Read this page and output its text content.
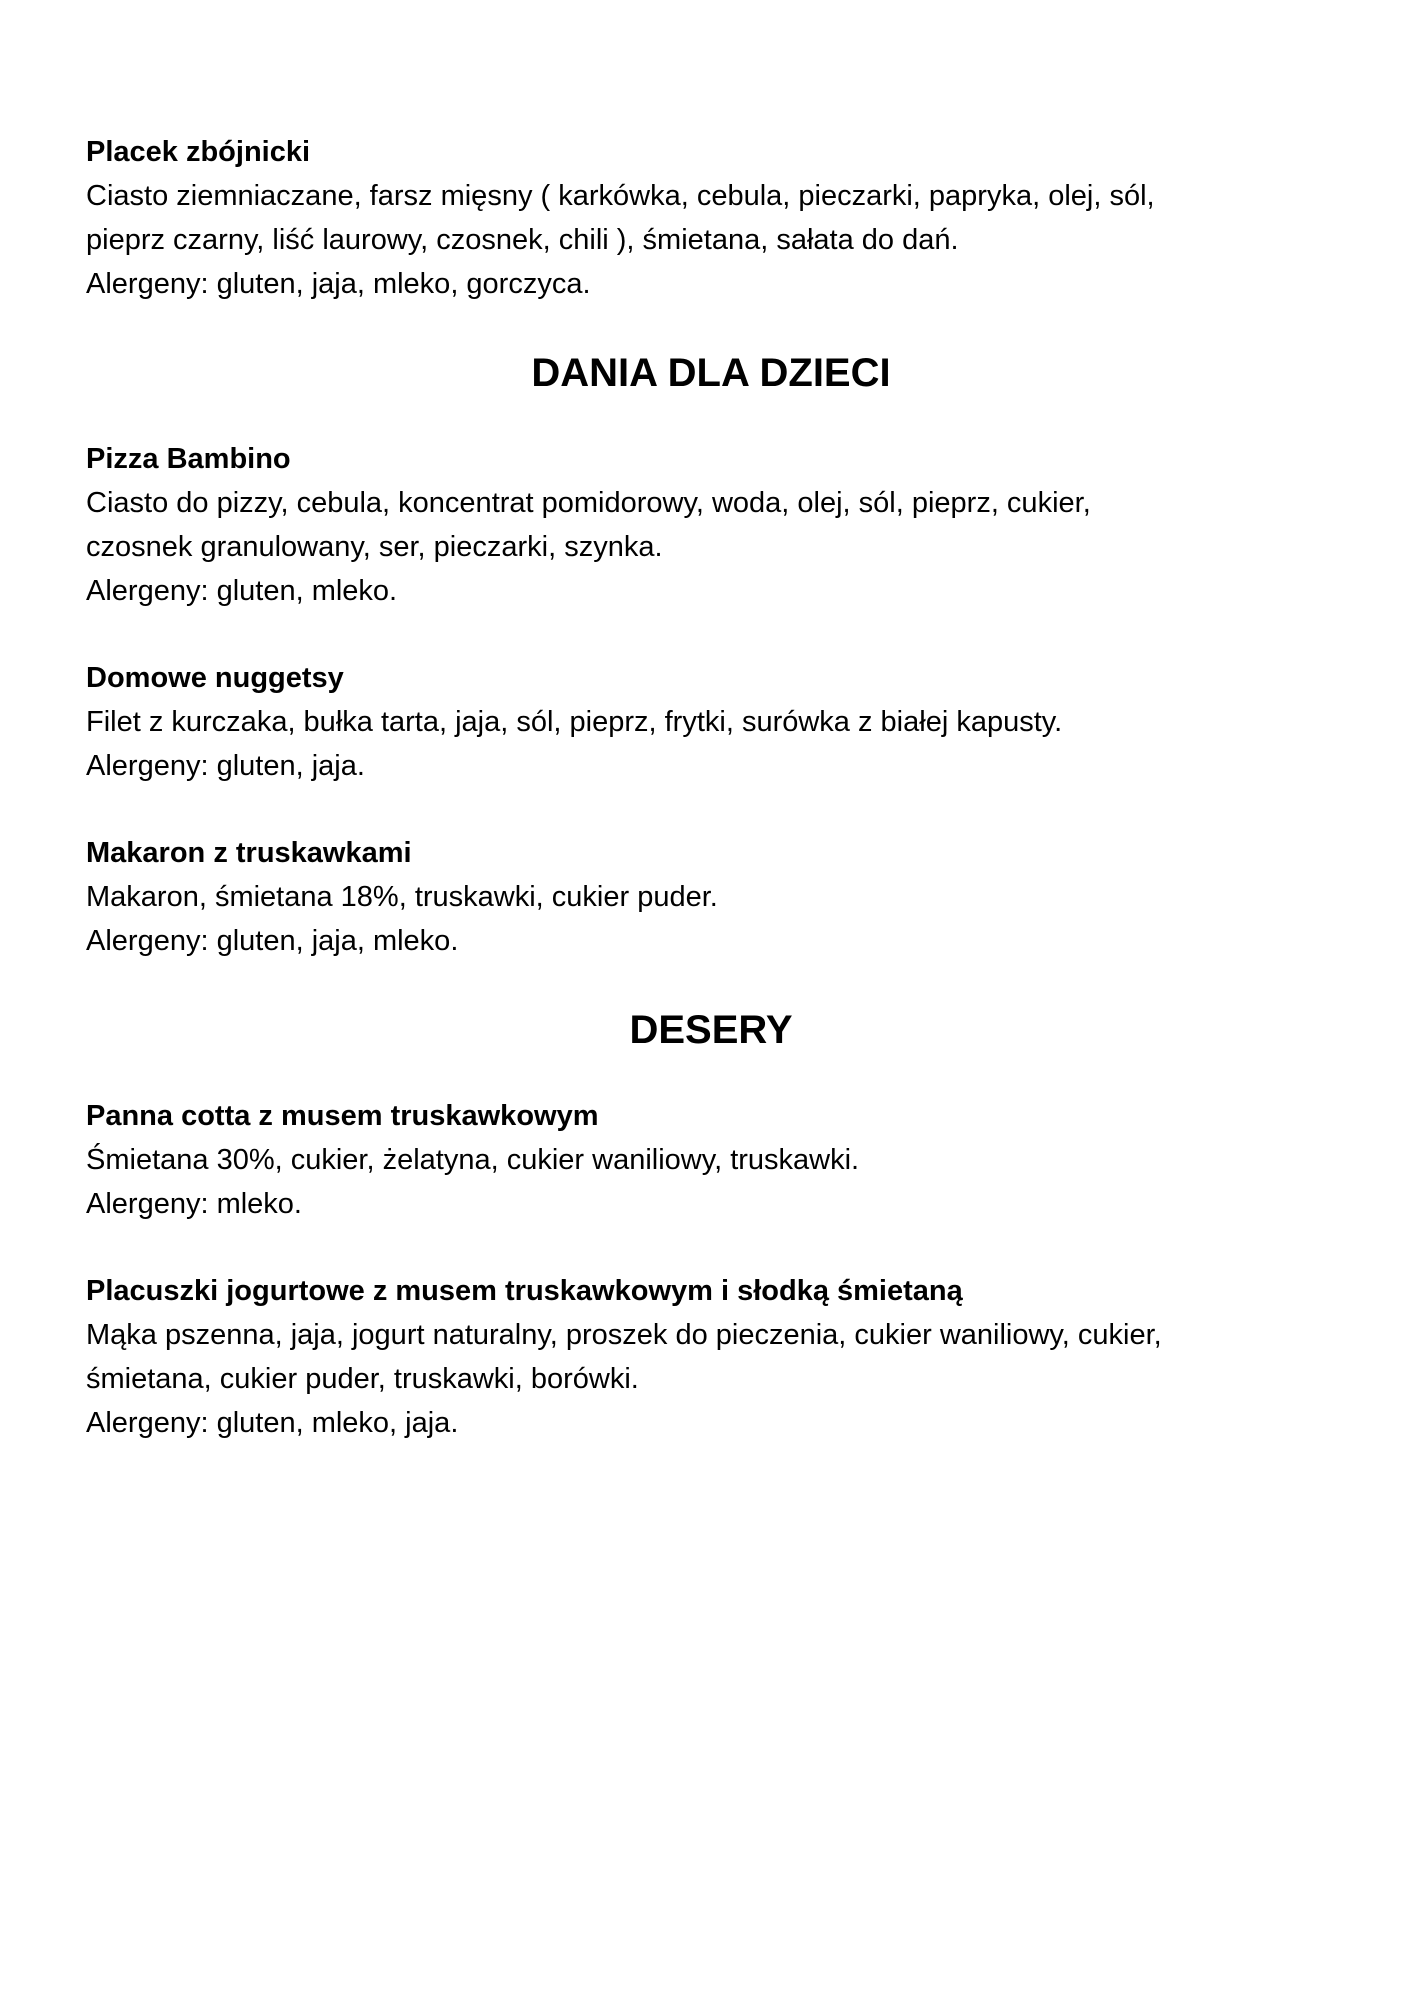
Placek zbójnicki

Ciasto ziemniaczane, farsz mięsny ( karkówka, cebula, pieczarki, papryka, olej, sól,

pieprz czarny, liść laurowy, czosnek, chili ), śmietana, sałata do dań.

Alergeny: gluten, jaja, mleko, gorczyca.

DANIA DLA DZIECI

Pizza Bambino

Ciasto do pizzy, cebula, koncentrat pomidorowy, woda, olej, sól, pieprz, cukier,

czosnek granulowany, ser, pieczarki, szynka.

Alergeny: gluten, mleko.

Domowe nuggetsy

Filet z kurczaka, bułka tarta, jaja, sól, pieprz, frytki, surówka z białej kapusty.

Alergeny: gluten, jaja.

Makaron z truskawkami

Makaron, śmietana 18%, truskawki, cukier puder.

Alergeny: gluten, jaja, mleko.

DESERY

Panna cotta z musem truskawkowym

Śmietana 30%, cukier, żelatyna, cukier waniliowy, truskawki.

Alergeny: mleko.

Placuszki jogurtowe z musem truskawkowym i słodką śmietaną

Mąka pszenna, jaja, jogurt naturalny, proszek do pieczenia, cukier waniliowy, cukier,

śmietana, cukier puder, truskawki, borówki.

Alergeny: gluten, mleko, jaja.
